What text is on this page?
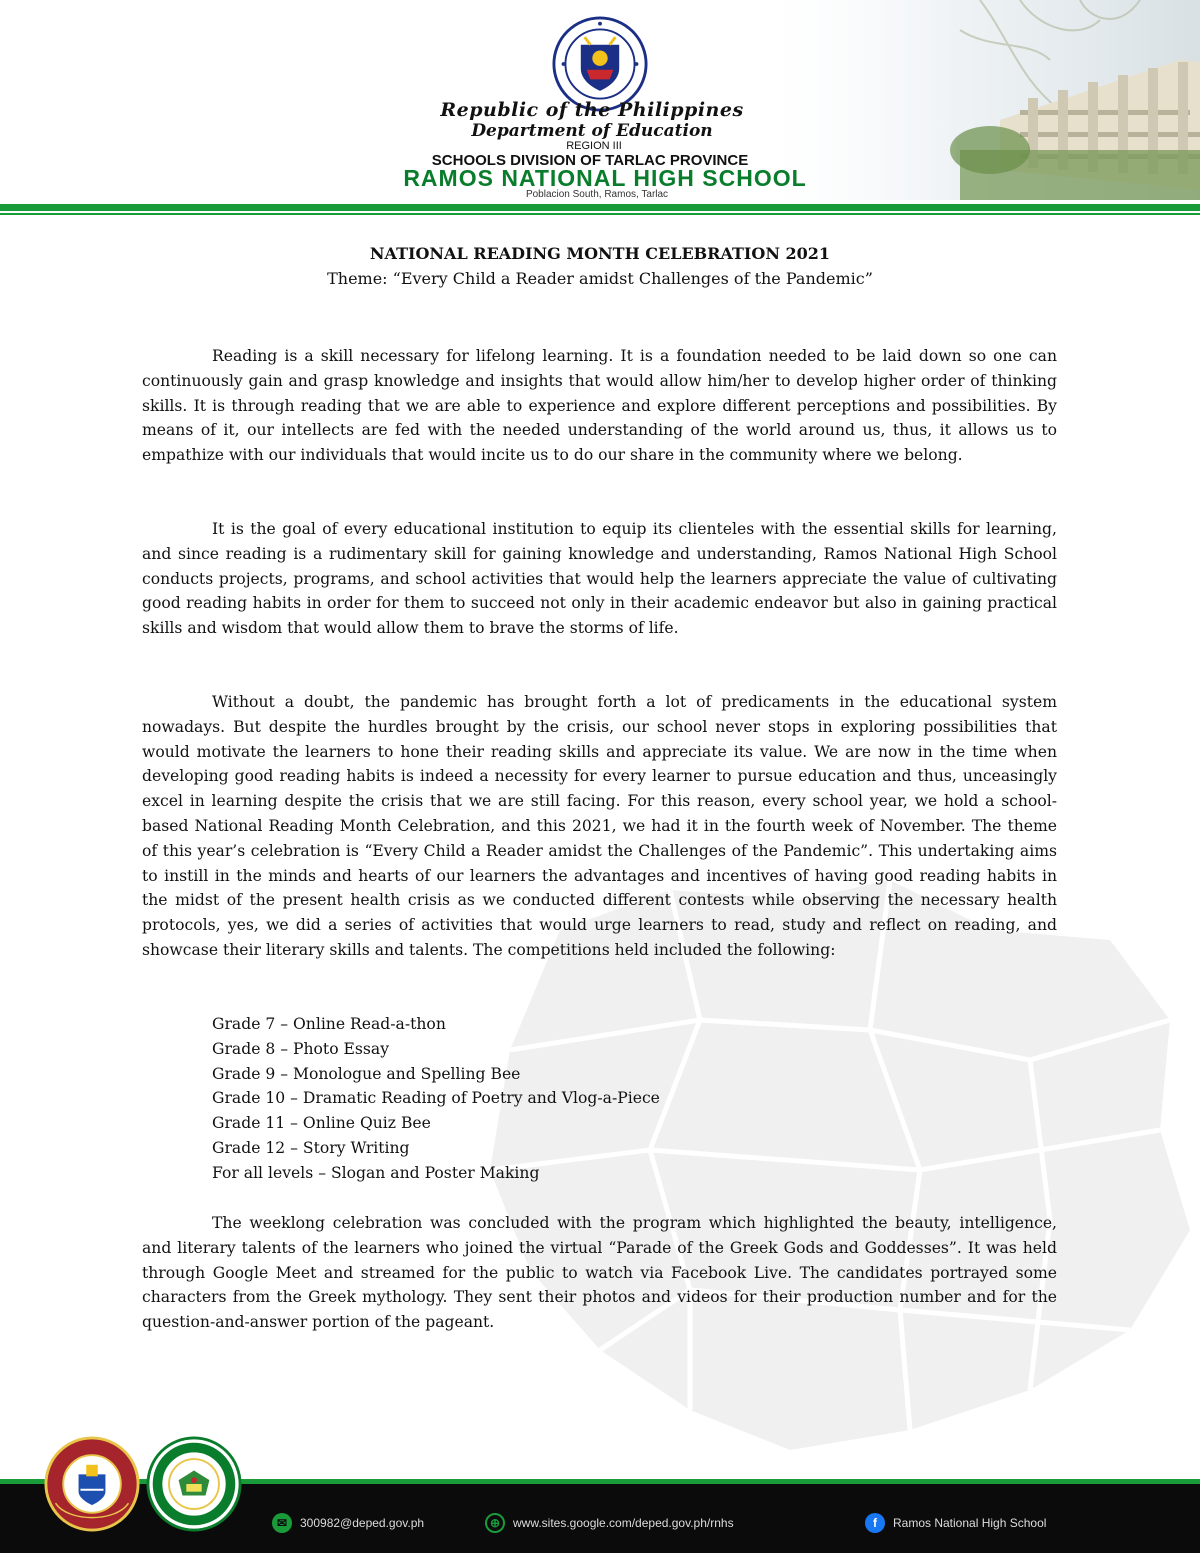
Republic of the Philippines
Department of Education
REGION III
SCHOOLS DIVISION OF TARLAC PROVINCE
RAMOS NATIONAL HIGH SCHOOL
Poblacion South, Ramos, Tarlac
NATIONAL READING MONTH CELEBRATION 2021
Theme: “Every Child a Reader amidst Challenges of the Pandemic”

Reading is a skill necessary for lifelong learning. It is a foundation needed to be laid down so one can continuously gain and grasp knowledge and insights that would allow him/her to develop higher order of thinking skills. It is through reading that we are able to experience and explore different perceptions and possibilities. By means of it, our intellects are fed with the needed understanding of the world around us, thus, it allows us to empathize with our individuals that would incite us to do our share in the community where we belong.

It is the goal of every educational institution to equip its clienteles with the essential skills for learning, and since reading is a rudimentary skill for gaining knowledge and understanding, Ramos National High School conducts projects, programs, and school activities that would help the learners appreciate the value of cultivating good reading habits in order for them to succeed not only in their academic endeavor but also in gaining practical skills and wisdom that would allow them to brave the storms of life.

Without a doubt, the pandemic has brought forth a lot of predicaments in the educational system nowadays. But despite the hurdles brought by the crisis, our school never stops in exploring possibilities that would motivate the learners to hone their reading skills and appreciate its value. We are now in the time when developing good reading habits is indeed a necessity for every learner to pursue education and thus, unceasingly excel in learning despite the crisis that we are still facing. For this reason, every school year, we hold a school-based National Reading Month Celebration, and this 2021, we had it in the fourth week of November. The theme of this year’s celebration is “Every Child a Reader amidst the Challenges of the Pandemic”. This undertaking aims to instill in the minds and hearts of our learners the advantages and incentives of having good reading habits in the midst of the present health crisis as we conducted different contests while observing the necessary health protocols, yes, we did a series of activities that would urge learners to read, study and reflect on reading, and showcase their literary skills and talents. The competitions held included the following:

Grade 7 – Online Read-a-thon
Grade 8 – Photo Essay
Grade 9 – Monologue and Spelling Bee
Grade 10 – Dramatic Reading of Poetry and Vlog-a-Piece
Grade 11 – Online Quiz Bee
Grade 12 – Story Writing
For all levels – Slogan and Poster Making

The weeklong celebration was concluded with the program which highlighted the beauty, intelligence, and literary talents of the learners who joined the virtual “Parade of the Greek Gods and Goddesses”. It was held through Google Meet and streamed for the public to watch via Facebook Live. The candidates portrayed some characters from the Greek mythology. They sent their photos and videos for their production number and for the question-and-answer portion of the pageant.

✉	300982@deped.gov.ph	⊕	www.sites.google.com/deped.gov.ph/rnhs	f	Ramos National High School
